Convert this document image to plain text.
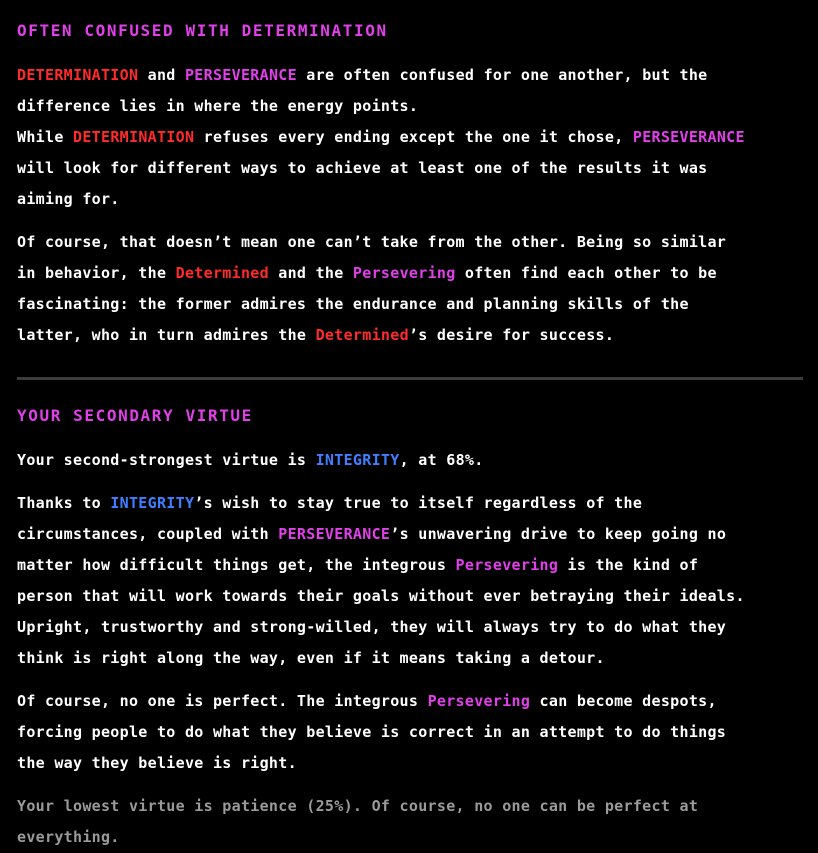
OFTEN CONFUSED WITH DETERMINATION

DETERMINATION and PERSEVERANCE are often confused for one another, but the
difference lies in where the energy points.
While DETERMINATION refuses every ending except the one it chose, PERSEVERANCE
will look for different ways to achieve at least one of the results it was
aiming for.

Of course, that doesn’t mean one can’t take from the other. Being so similar
in behavior, the Determined and the Persevering often find each other to be
fascinating: the former admires the endurance and planning skills of the
latter, who in turn admires the Determined’s desire for success.

YOUR SECONDARY VIRTUE

Your second-strongest virtue is INTEGRITY, at 68%.

Thanks to INTEGRITY’s wish to stay true to itself regardless of the
circumstances, coupled with PERSEVERANCE’s unwavering drive to keep going no
matter how difficult things get, the integrous Persevering is the kind of
person that will work towards their goals without ever betraying their ideals.
Upright, trustworthy and strong-willed, they will always try to do what they
think is right along the way, even if it means taking a detour.

Of course, no one is perfect. The integrous Persevering can become despots,
forcing people to do what they believe is correct in an attempt to do things
the way they believe is right.

Your lowest virtue is patience (25%). Of course, no one can be perfect at
everything.
